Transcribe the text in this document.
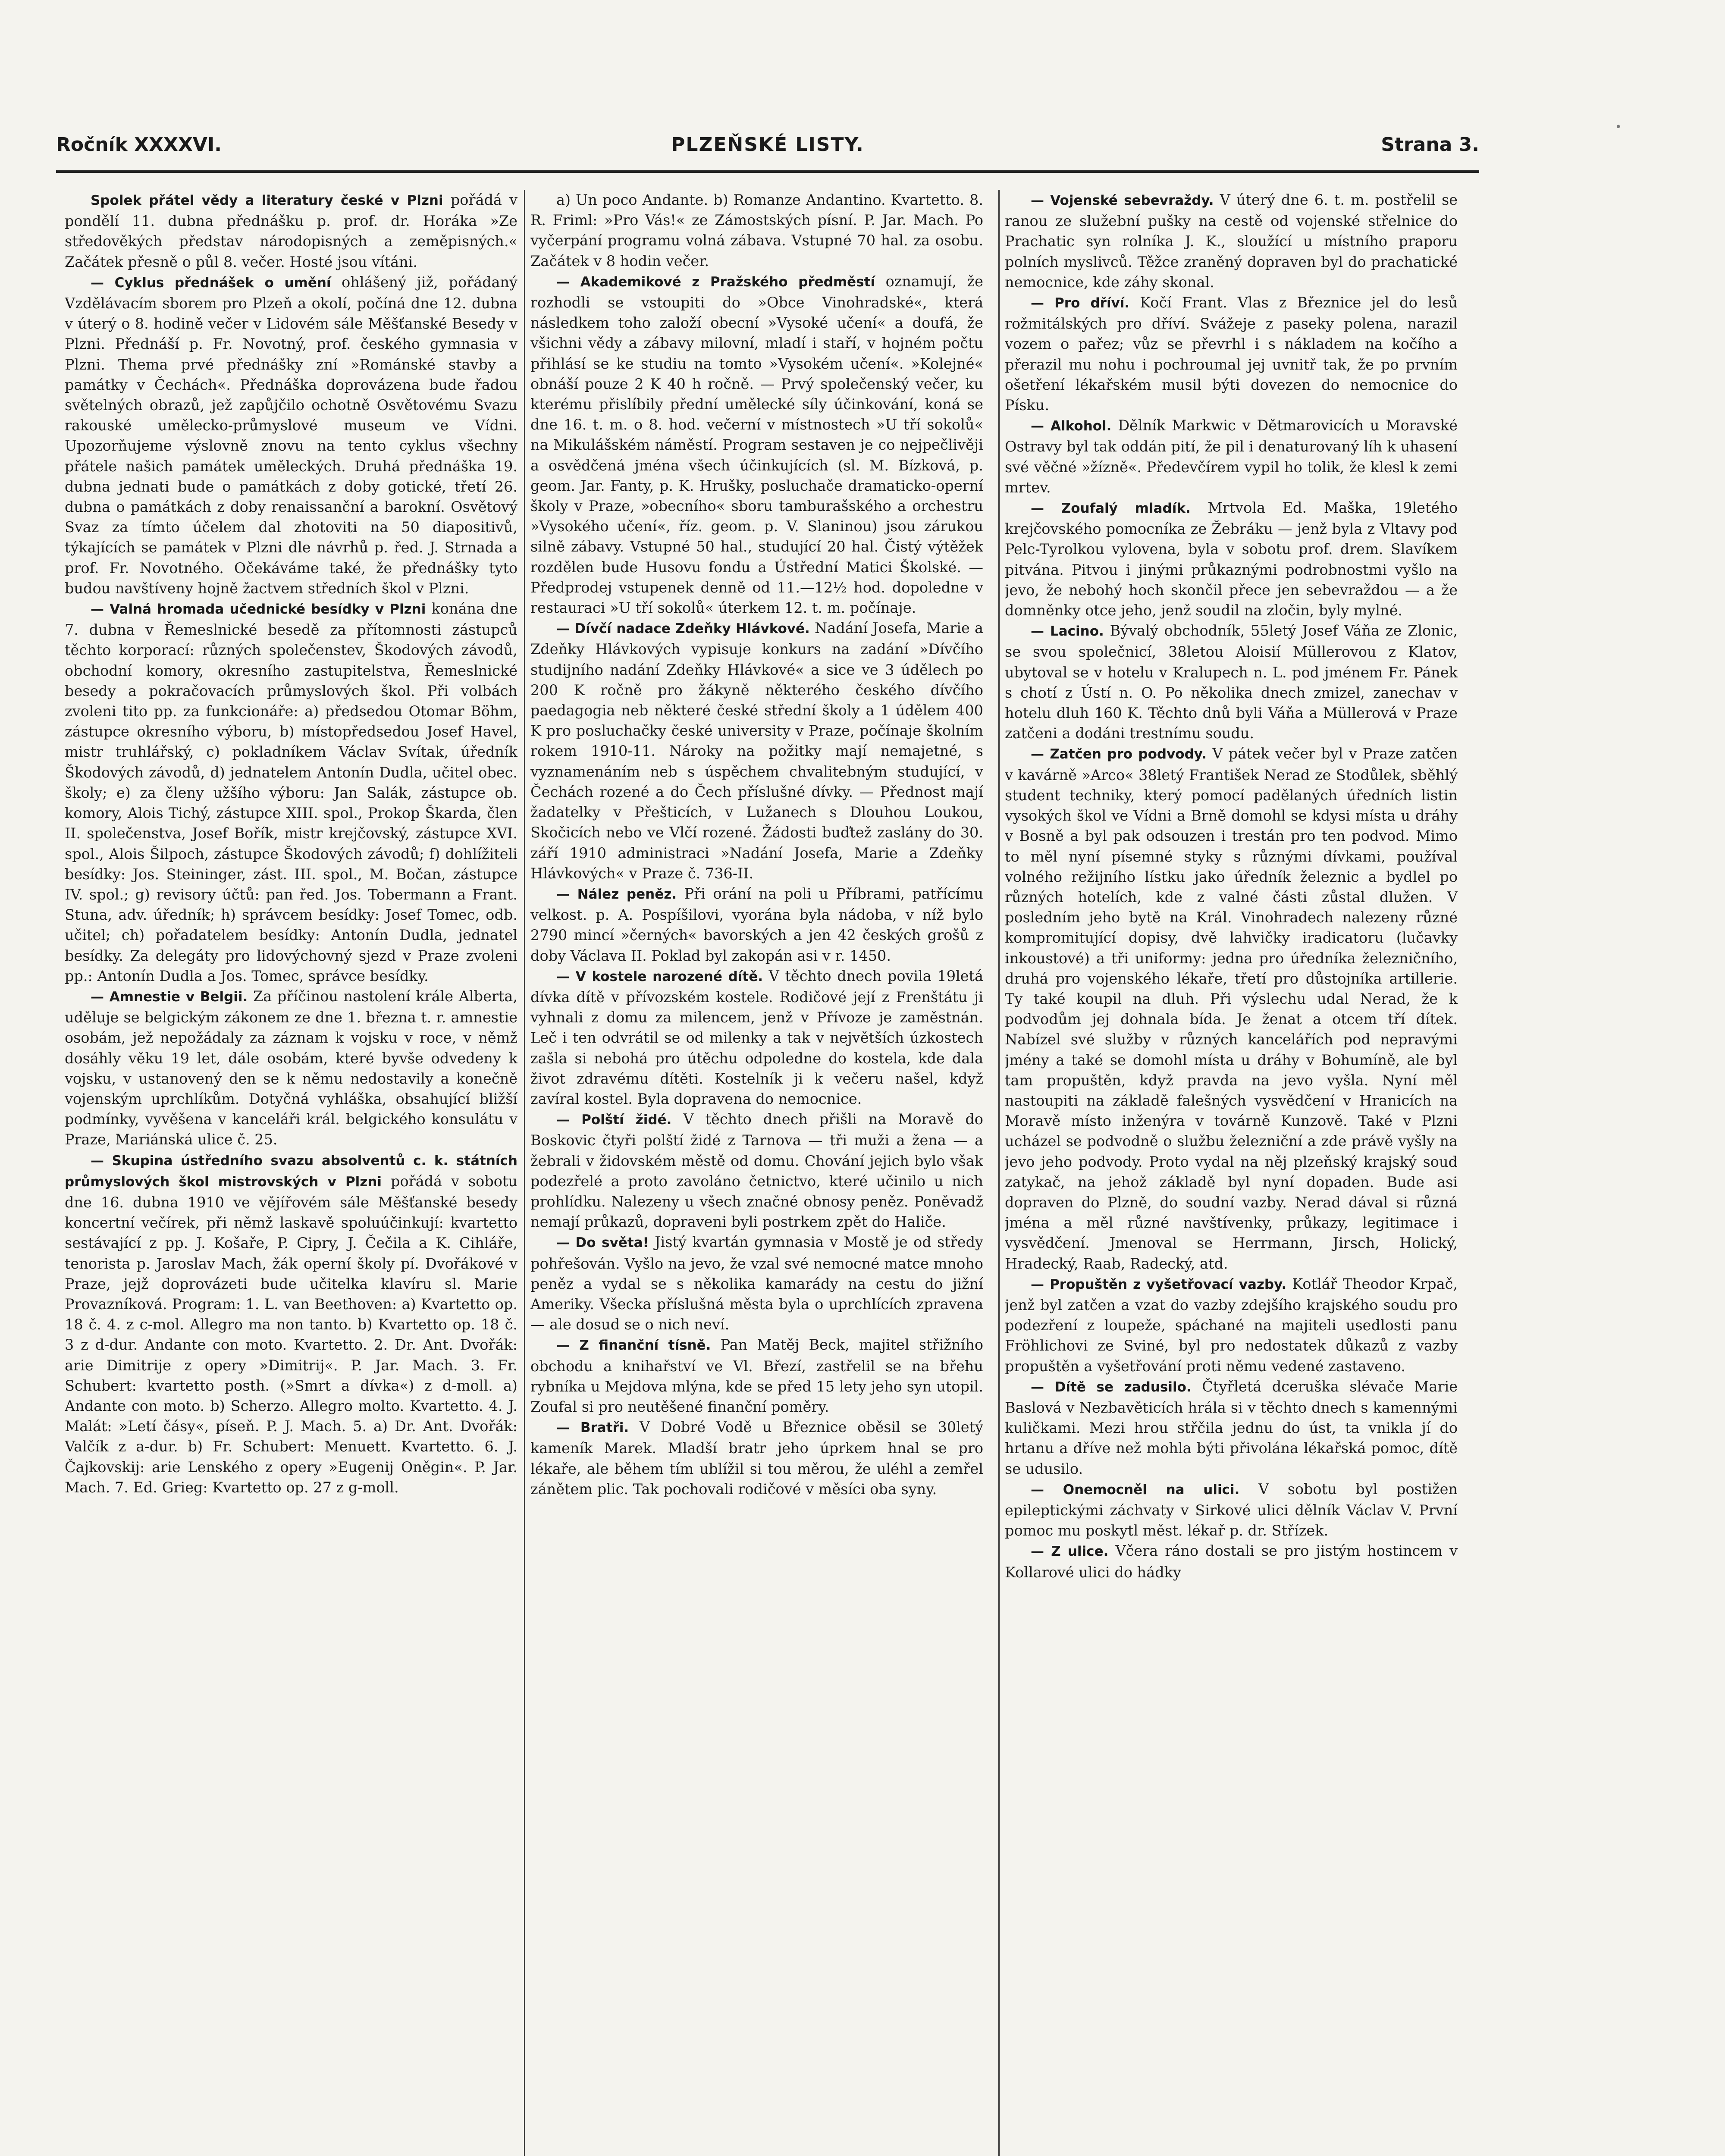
Ročník XXXXVI.	PLZEŇSKÉ LISTY.	Strana 3.
•

Spolek přátel vědy a literatury české v Plzni pořádá v pondělí 11. dubna přednášku p. prof. dr. Horáka »Ze středověkých představ národopisných a zeměpisných.« Začátek přesně o půl 8. večer. Hosté jsou vítáni.

— Cyklus přednášek o umění ohlášený již, pořádaný Vzdělávacím sborem pro Plzeň a okolí, počíná dne 12. dubna v úterý o 8. hodině večer v Lidovém sále Měšťanské Besedy v Plzni. Přednáší p. Fr. Novotný, prof. českého gymnasia v Plzni. Thema prvé přednášky zní »Románské stavby a památky v Čechách«. Přednáška doprovázena bude řadou světelných obrazů, jež zapůjčilo ochotně Osvětovému Svazu rakouské umělecko-průmyslové museum ve Vídni. Upozorňujeme výslovně znovu na tento cyklus všechny přátele našich památek uměleckých. Druhá přednáška 19. dubna jednati bude o památkách z doby gotické, třetí 26. dubna o památkách z doby renaissanční a barokní. Osvětový Svaz za tímto účelem dal zhotoviti na 50 diapositivů, týkajících se památek v Plzni dle návrhů p. řed. J. Strnada a prof. Fr. Novotného. Očekáváme také, že přednášky tyto budou navštíveny hojně žactvem středních škol v Plzni.

— Valná hromada učednické besídky v Plzni konána dne 7. dubna v Řemeslnické besedě za přítomnosti zástupců těchto korporací: různých společenstev, Škodových závodů, obchodní komory, okresního zastupitelstva, Řemeslnické besedy a pokračovacích průmyslových škol. Při volbách zvoleni tito pp. za funkcionáře: a) předsedou Otomar Böhm, zástupce okresního výboru, b) místopředsedou Josef Havel, mistr truhlářský, c) pokladníkem Václav Svítak, úředník Škodových závodů, d) jednatelem Antonín Dudla, učitel obec. školy; e) za členy užšího výboru: Jan Salák, zástupce ob. komory, Alois Tichý, zástupce XIII. spol., Prokop Škarda, člen II. společenstva, Josef Bořík, mistr krejčovský, zástupce XVI. spol., Alois Šilpoch, zástupce Škodových závodů; f) dohlížiteli besídky: Jos. Steininger, zást. III. spol., M. Bočan, zástupce IV. spol.; g) revisory účtů: pan řed. Jos. Tobermann a Frant. Stuna, adv. úředník; h) správcem besídky: Josef Tomec, odb. učitel; ch) pořadatelem besídky: Antonín Dudla, jednatel besídky. Za delegáty pro lidovýchovný sjezd v Praze zvoleni pp.: Antonín Dudla a Jos. Tomec, správce besídky.

— Amnestie v Belgii. Za příčinou nastolení krále Alberta, uděluje se belgickým zákonem ze dne 1. března t. r. amnestie osobám, jež nepožádaly za záznam k vojsku v roce, v němž dosáhly věku 19 let, dále osobám, které byvše odvedeny k vojsku, v ustanovený den se k němu nedostavily a konečně vojenským uprchlíkům. Dotyčná vyhláška, obsahující bližší podmínky, vyvěšena v kanceláři král. belgického konsulátu v Praze, Mariánská ulice č. 25.

— Skupina ústředního svazu absolventů c. k. státních průmyslových škol mistrovských v Plzni pořádá v sobotu dne 16. dubna 1910 ve vějířovém sále Měšťanské besedy koncertní večírek, při němž laskavě spoluúčinkují: kvartetto sestávající z pp. J. Košaře, P. Cipry, J. Čečila a K. Cihláře, tenorista p. Jaroslav Mach, žák operní školy pí. Dvořákové v Praze, jejž doprovázeti bude učitelka klavíru sl. Marie Provazníková. Program: 1. L. van Beethoven: a) Kvartetto op. 18 č. 4. z c-mol. Allegro ma non tanto. b) Kvartetto op. 18 č. 3 z d-dur. Andante con moto. Kvartetto. 2. Dr. Ant. Dvořák: arie Dimitrije z opery »Dimitrij«. P. Jar. Mach. 3. Fr. Schubert: kvartetto posth. (»Smrt a dívka«) z d-moll. a) Andante con moto. b) Scherzo. Allegro molto. Kvartetto. 4. J. Malát: »Letí čásy«, píseň. P. J. Mach. 5. a) Dr. Ant. Dvořák: Valčík z a-dur. b) Fr. Schubert: Menuett. Kvartetto. 6. J. Čajkovskij: arie Lenského z opery »Eugenij Oněgin«. P. Jar. Mach. 7. Ed. Grieg: Kvartetto op. 27 z g-moll.

a) Un poco Andante. b) Romanze Andantino. Kvartetto. 8. R. Friml: »Pro Vás!« ze Zámostských písní. P. Jar. Mach. Po vyčerpání programu volná zábava. Vstupné 70 hal. za osobu. Začátek v 8 hodin večer.

— Akademikové z Pražského předměstí oznamují, že rozhodli se vstoupiti do »Obce Vinohradské«, která následkem toho založí obecní »Vysoké učení« a doufá, že všichni vědy a zábavy milovní, mladí i staří, v hojném počtu přihlásí se ke studiu na tomto »Vysokém učení«. »Kolejné« obnáší pouze 2 K 40 h ročně. — Prvý společenský večer, ku kterému přislíbily přední umělecké síly účinkování, koná se dne 16. t. m. o 8. hod. večerní v místnostech »U tří sokolů« na Mikulášském náměstí. Program sestaven je co nejpečlivěji a osvědčená jména všech účinkujících (sl. M. Bízková, p. geom. Jar. Fanty, p. K. Hrušky, posluchače dramaticko-operní školy v Praze, »obecního« sboru tamburašského a orchestru »Vysokého učení«, říz. geom. p. V. Slaninou) jsou zárukou silně zábavy. Vstupné 50 hal., studující 20 hal. Čistý výtěžek rozdělen bude Husovu fondu a Ústřední Matici Školské. — Předprodej vstupenek denně od 11.—12½ hod. dopoledne v restauraci »U tří sokolů« úterkem 12. t. m. počínaje.

— Dívčí nadace Zdeňky Hlávkové. Nadání Josefa, Marie a Zdeňky Hlávkových vypisuje konkurs na zadání »Dívčího studijního nadání Zdeňky Hlávkové« a sice ve 3 údělech po 200 K ročně pro žákyně některého českého dívčího paedagogia neb některé české střední školy a 1 údělem 400 K pro posluchačky české university v Praze, počínaje školním rokem 1910-11. Nároky na požitky mají nemajetné, s vyznamenáním neb s úspěchem chvalitebným studující, v Čechách rozené a do Čech příslušné dívky. — Přednost mají žadatelky v Přešticích, v Lužanech s Dlouhou Loukou, Skočicích nebo ve Vlčí rozené. Žádosti buďtež zaslány do 30. září 1910 administraci »Nadání Josefa, Marie a Zdeňky Hlávkových« v Praze č. 736-II.

— Nález peněz. Při orání na poli u Příbrami, patřícímu velkost. p. A. Pospíšilovi, vyorána byla nádoba, v níž bylo 2790 mincí »černých« bavorských a jen 42 českých grošů z doby Václava II. Poklad byl zakopán asi v r. 1450.

— V kostele narozené dítě. V těchto dnech povila 19letá dívka dítě v přívozském kostele. Rodičové její z Frenštátu ji vyhnali z domu za milencem, jenž v Přívoze je zaměstnán. Leč i ten odvrátil se od milenky a tak v největších úzkostech zašla si nebohá pro útěchu odpoledne do kostela, kde dala život zdravému dítěti. Kostelník ji k večeru našel, když zavíral kostel. Byla dopravena do nemocnice.

— Polští židé. V těchto dnech přišli na Moravě do Boskovic čtyři polští židé z Tarnova — tři muži a žena — a žebrali v židovském městě od domu. Chování jejich bylo však podezřelé a proto zavoláno četnictvo, které učinilo u nich prohlídku. Nalezeny u všech značné obnosy peněz. Poněvadž nemají průkazů, dopraveni byli postrkem zpět do Haliče.

— Do světa! Jistý kvartán gymnasia v Mostě je od středy pohřešován. Vyšlo na jevo, že vzal své nemocné matce mnoho peněz a vydal se s několika kamarády na cestu do jižní Ameriky. Všecka příslušná města byla o uprchlících zpravena — ale dosud se o nich neví.

— Z finanční tísně. Pan Matěj Beck, majitel střižního obchodu a knihařství ve Vl. Březí, zastřelil se na břehu rybníka u Mejdova mlýna, kde se před 15 lety jeho syn utopil. Zoufal si pro neutěšené finanční poměry.

— Bratři. V Dobré Vodě u Březnice oběsil se 30letý kameník Marek. Mladší bratr jeho úprkem hnal se pro lékaře, ale během tím ublížil si tou měrou, že uléhl a zemřel zánětem plic. Tak pochovali rodičové v měsíci oba syny.

— Vojenské sebevraždy. V úterý dne 6. t. m. postřelil se ranou ze služební pušky na cestě od vojenské střelnice do Prachatic syn rolníka J. K., sloužící u místního praporu polních myslivců. Těžce zraněný dopraven byl do prachatické nemocnice, kde záhy skonal.

— Pro dříví. Kočí Frant. Vlas z Březnice jel do lesů rožmitálských pro dříví. Svážeje z paseky polena, narazil vozem o pařez; vůz se převrhl i s nákladem na kočího a přerazil mu nohu i pochroumal jej uvnitř tak, že po prvním ošetření lékařském musil býti dovezen do nemocnice do Písku.

— Alkohol. Dělník Markwic v Dětmarovicích u Moravské Ostravy byl tak oddán pití, že pil i denaturovaný líh k uhasení své věčné »žízně«. Předevčírem vypil ho tolik, že klesl k zemi mrtev.

— Zoufalý mladík. Mrtvola Ed. Maška, 19letého krejčovského pomocníka ze Žebráku — jenž byla z Vltavy pod Pelc-Tyrolkou vylovena, byla v sobotu prof. drem. Slavíkem pitvána. Pitvou i jinými průkaznými podrobnostmi vyšlo na jevo, že nebohý hoch skončil přece jen sebevraždou — a že domněnky otce jeho, jenž soudil na zločin, byly mylné.

— Lacino. Bývalý obchodník, 55letý Josef Váňa ze Zlonic, se svou společnicí, 38letou Aloisií Müllerovou z Klatov, ubytoval se v hotelu v Kralupech n. L. pod jménem Fr. Pánek s chotí z Ústí n. O. Po několika dnech zmizel, zanechav v hotelu dluh 160 K. Těchto dnů byli Váňa a Müllerová v Praze zatčeni a dodáni trestnímu soudu.

— Zatčen pro podvody. V pátek večer byl v Praze zatčen v kavárně »Arco« 38letý František Nerad ze Stodůlek, sběhlý student techniky, který pomocí padělaných úředních listin vysokých škol ve Vídni a Brně domohl se kdysi místa u dráhy v Bosně a byl pak odsouzen i trestán pro ten podvod. Mimo to měl nyní písemné styky s různými dívkami, používal volného režijního lístku jako úředník železnic a bydlel po různých hotelích, kde z valné části zůstal dlužen. V posledním jeho bytě na Král. Vinohradech nalezeny různé kompromitující dopisy, dvě lahvičky iradicatoru (lučavky inkoustové) a tři uniformy: jedna pro úředníka železničního, druhá pro vojenského lékaře, třetí pro důstojníka artillerie. Ty také koupil na dluh. Při výslechu udal Nerad, že k podvodům jej dohnala bída. Je ženat a otcem tří dítek. Nabízel své služby v různých kancelářích pod nepravými jmény a také se domohl místa u dráhy v Bohumíně, ale byl tam propuštěn, když pravda na jevo vyšla. Nyní měl nastoupiti na základě falešných vysvědčení v Hranicích na Moravě místo inženýra v továrně Kunzově. Také v Plzni ucházel se podvodně o službu železniční a zde právě vyšly na jevo jeho podvody. Proto vydal na něj plzeňský krajský soud zatykač, na jehož základě byl nyní dopaden. Bude asi dopraven do Plzně, do soudní vazby. Nerad dával si různá jména a měl různé navštívenky, průkazy, legitimace i vysvědčení. Jmenoval se Herrmann, Jirsch, Holický, Hradecký, Raab, Radecký, atd.

— Propuštěn z vyšetřovací vazby. Kotlář Theodor Krpač, jenž byl zatčen a vzat do vazby zdejšího krajského soudu pro podezření z loupeže, spáchané na majiteli usedlosti panu Fröhlichovi ze Sviné, byl pro nedostatek důkazů z vazby propuštěn a vyšetřování proti němu vedené zastaveno.

— Dítě se zadusilo. Čtyřletá dceruška slévače Marie Baslová v Nezbavěticích hrála si v těchto dnech s kamennými kuličkami. Mezi hrou střčila jednu do úst, ta vnikla jí do hrtanu a dříve než mohla býti přivolána lékařská pomoc, dítě se udusilo.

— Onemocněl na ulici. V sobotu byl postižen epileptickými záchvaty v Sirkové ulici dělník Václav V. První pomoc mu poskytl měst. lékař p. dr. Střízek.

— Z ulice. Včera ráno dostali se pro jistým hostincem v Kollarové ulici do hádky
